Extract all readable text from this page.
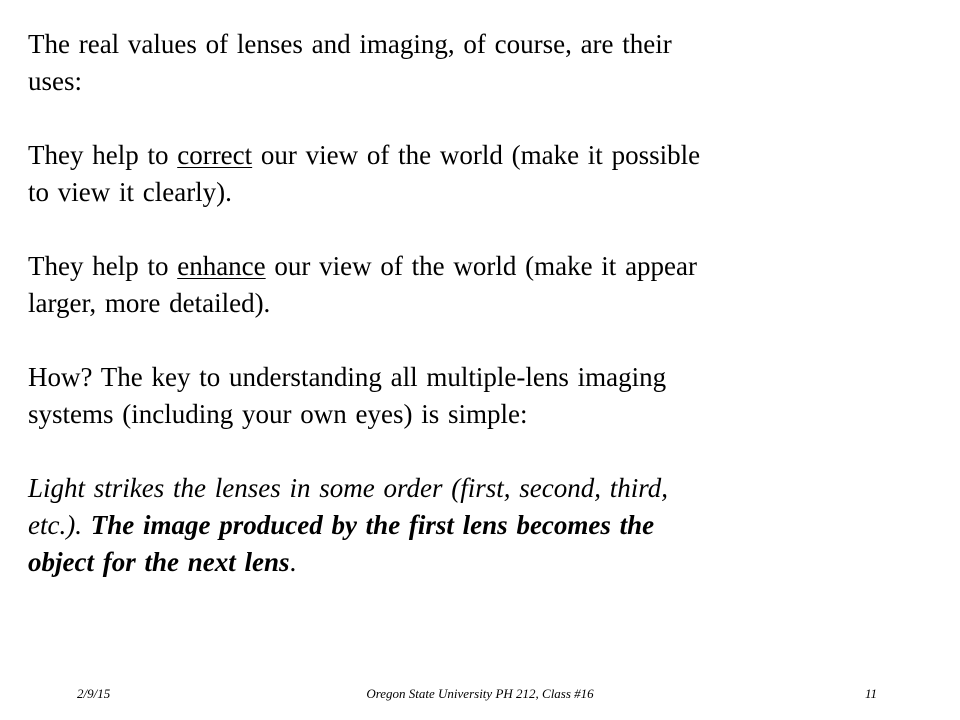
The real values of lenses and imaging, of course, are their uses:

They help to correct our view of the world (make it possible to view it clearly).

They help to enhance our view of the world (make it appear larger, more detailed).

How? The key to understanding all multiple-lens imaging systems (including your own eyes) is simple:

Light strikes the lenses in some order (first, second, third, etc.). The image produced by the first lens becomes the object for the next lens.

2/9/15	Oregon State University PH 212, Class #16	11
